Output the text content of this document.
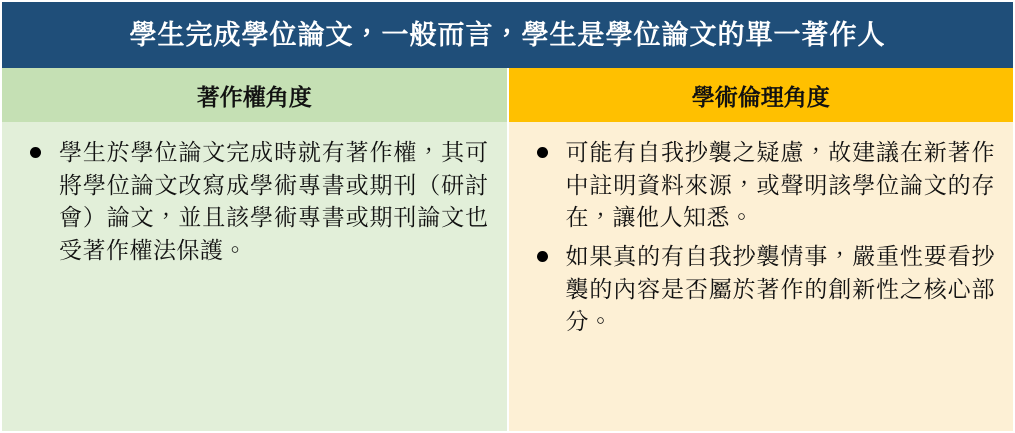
學生完成學位論文，一般而言，學生是學位論文的單一著作人
著作權角度	學術倫理角度
學生於學位論文完成時就有著作權，其可將學位論文改寫成學術專書或期刊（研討會）論文，並且該學術專書或期刊論文也受著作權法保護。
可能有自我抄襲之疑慮，故建議在新著作中註明資料來源，或聲明該學位論文的存在，讓他人知悉。
如果真的有自我抄襲情事，嚴重性要看抄襲的內容是否屬於著作的創新性之核心部分。
